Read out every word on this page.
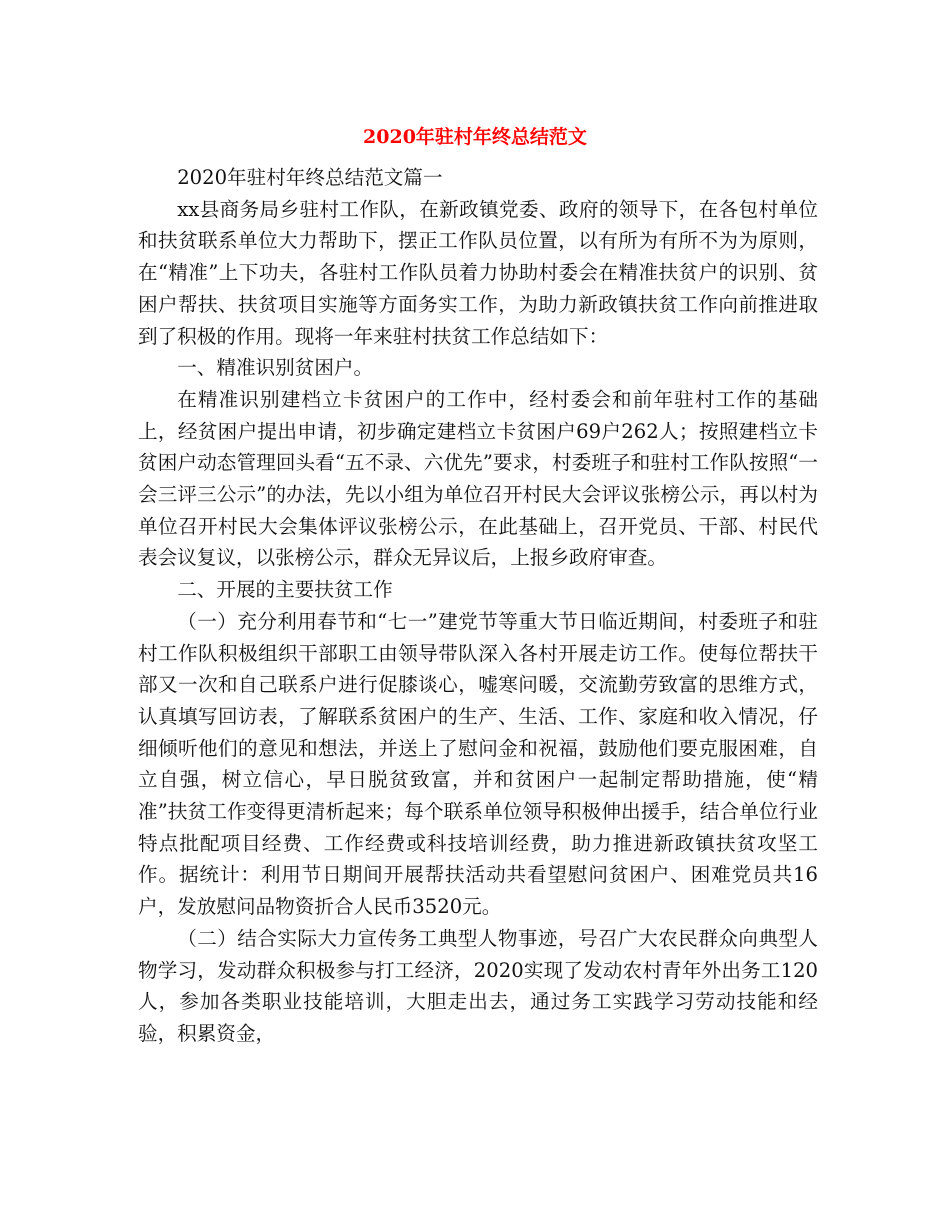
2020年驻村年终总结范文

2020年驻村年终总结范文篇一

xx县商务局乡驻村工作队，在新政镇党委、政府的领导下，在各包村单位和扶贫联系单位大力帮助下，摆正工作队员位置，以有所为有所不为为原则，在“精准”上下功夫，各驻村工作队员着力协助村委会在精准扶贫户的识别、贫困户帮扶、扶贫项目实施等方面务实工作，为助力新政镇扶贫工作向前推进取到了积极的作用。现将一年来驻村扶贫工作总结如下：

一、精准识别贫困户。

在精准识别建档立卡贫困户的工作中，经村委会和前年驻村工作的基础上，经贫困户提出申请，初步确定建档立卡贫困户69户262人；按照建档立卡贫困户动态管理回头看“五不录、六优先”要求，村委班子和驻村工作队按照“一会三评三公示”的办法，先以小组为单位召开村民大会评议张榜公示，再以村为单位召开村民大会集体评议张榜公示，在此基础上，召开党员、干部、村民代表会议复议，以张榜公示，群众无异议后，上报乡政府审查。

二、开展的主要扶贫工作

（一）充分利用春节和“七一”建党节等重大节日临近期间，村委班子和驻村工作队积极组织干部职工由领导带队深入各村开展走访工作。使每位帮扶干部又一次和自己联系户进行促膝谈心，嘘寒问暖，交流勤劳致富的思维方式，认真填写回访表，了解联系贫困户的生产、生活、工作、家庭和收入情况，仔细倾听他们的意见和想法，并送上了慰问金和祝福，鼓励他们要克服困难，自立自强，树立信心，早日脱贫致富，并和贫困户一起制定帮助措施，使“精准”扶贫工作变得更清析起来；每个联系单位领导积极伸出援手，结合单位行业特点批配项目经费、工作经费或科技培训经费，助力推进新政镇扶贫攻坚工作。据统计：利用节日期间开展帮扶活动共看望慰问贫困户、困难党员共16户，发放慰问品物资折合人民币3520元。

（二）结合实际大力宣传务工典型人物事迹，号召广大农民群众向典型人物学习，发动群众积极参与打工经济，2020实现了发动农村青年外出务工120人，参加各类职业技能培训，大胆走出去，通过务工实践学习劳动技能和经验，积累资金，
